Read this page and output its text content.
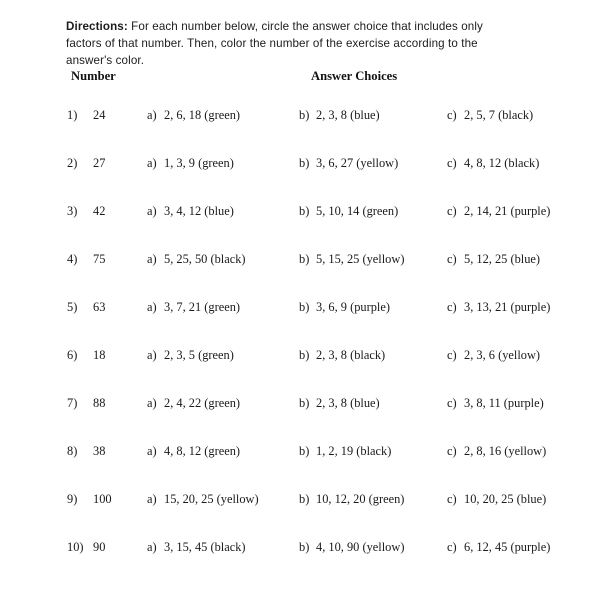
Directions: For each number below, circle the answer choice that includes only factors of that number. Then, color the number of the exercise according to the answer's color.

Number	Answer Choices
1)	24	a) 2, 6, 18 (green)	b) 2, 3, 8 (blue)	c) 2, 5, 7 (black)
2)	27	a) 1, 3, 9 (green)	b) 3, 6, 27 (yellow)	c) 4, 8, 12 (black)
3)	42	a) 3, 4, 12 (blue)	b) 5, 10, 14 (green)	c) 2, 14, 21 (purple)
4)	75	a) 5, 25, 50 (black)	b) 5, 15, 25 (yellow)	c) 5, 12, 25 (blue)
5)	63	a) 3, 7, 21 (green)	b) 3, 6, 9 (purple)	c) 3, 13, 21 (purple)
6)	18	a) 2, 3, 5 (green)	b) 2, 3, 8 (black)	c) 2, 3, 6 (yellow)
7)	88	a) 2, 4, 22 (green)	b) 2, 3, 8 (blue)	c) 3, 8, 11 (purple)
8)	38	a) 4, 8, 12 (green)	b) 1, 2, 19 (black)	c) 2, 8, 16 (yellow)
9)	100	a) 15, 20, 25 (yellow)	b) 10, 12, 20 (green)	c) 10, 20, 25 (blue)
10) 90	a) 3, 15, 45 (black)	b) 4, 10, 90 (yellow)	c) 6, 12, 45 (purple)
